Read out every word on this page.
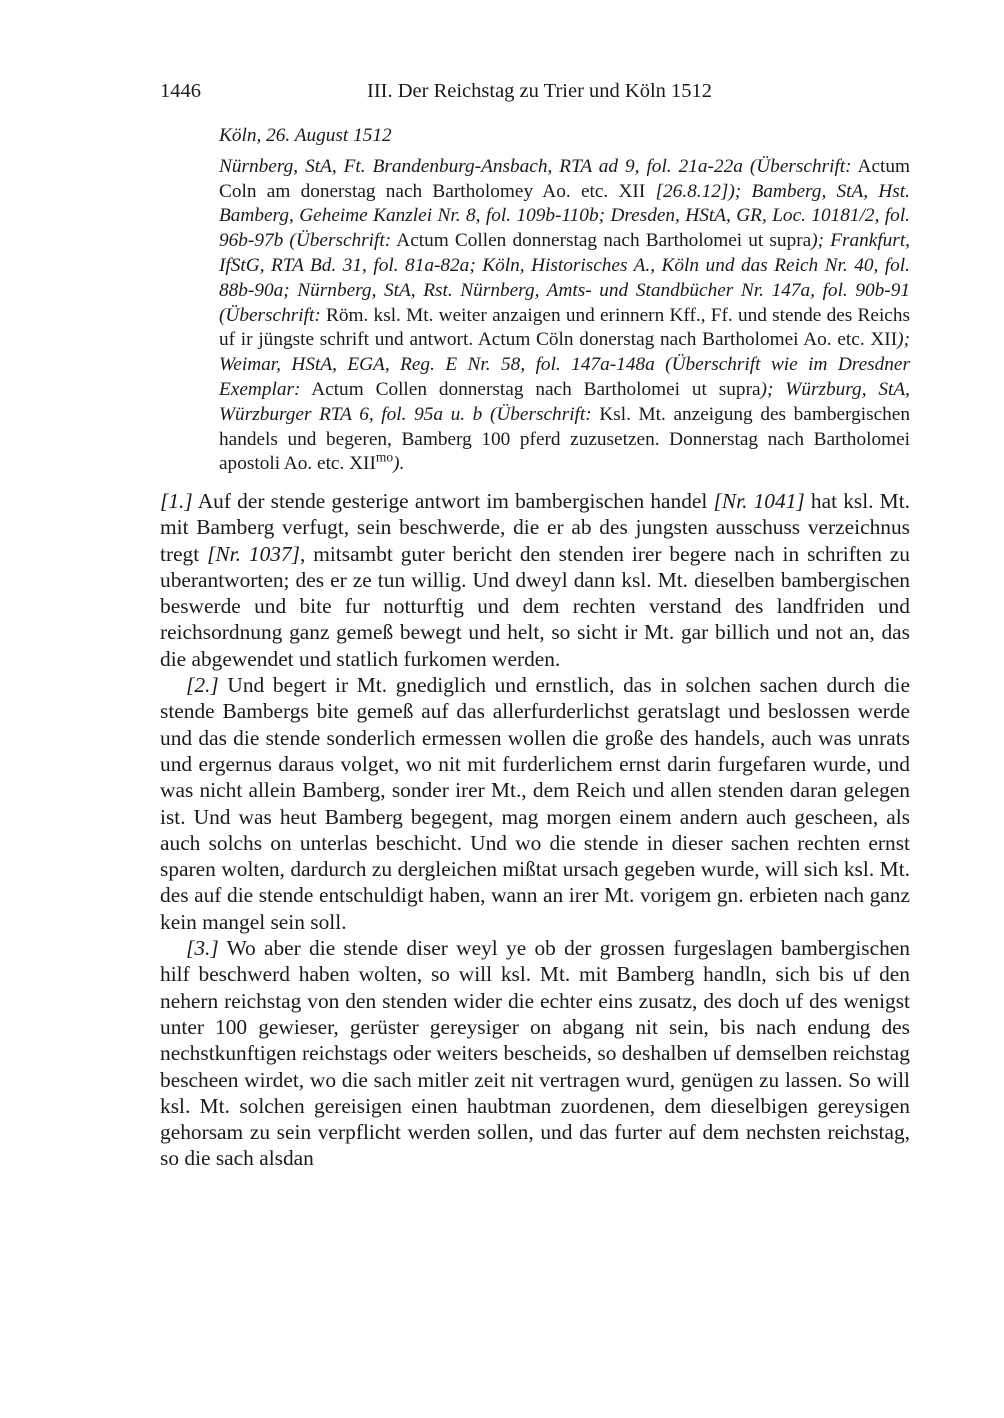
1446	III. Der Reichstag zu Trier und Köln 1512

Köln, 26. August 1512

Nürnberg, StA, Ft. Brandenburg-Ansbach, RTA ad 9, fol. 21a-22a (Überschrift: Actum Coln am donerstag nach Bartholomey Ao. etc. XII [26.8.12]); Bamberg, StA, Hst. Bamberg, Geheime Kanzlei Nr. 8, fol. 109b-110b; Dresden, HStA, GR, Loc. 10181/2, fol. 96b-97b (Überschrift: Actum Collen donnerstag nach Bartholomei ut supra); Frankfurt, IfStG, RTA Bd. 31, fol. 81a-82a; Köln, Historisches A., Köln und das Reich Nr. 40, fol. 88b-90a; Nürnberg, StA, Rst. Nürnberg, Amts- und Standbücher Nr. 147a, fol. 90b-91 (Überschrift: Röm. ksl. Mt. weiter anzaigen und erinnern Kff., Ff. und stende des Reichs uf ir jüngste schrift und antwort. Actum Cöln donerstag nach Bartholomei Ao. etc. XII); Weimar, HStA, EGA, Reg. E Nr. 58, fol. 147a-148a (Überschrift wie im Dresdner Exemplar: Actum Collen donnerstag nach Bartholomei ut supra); Würzburg, StA, Würzburger RTA 6, fol. 95a u. b (Überschrift: Ksl. Mt. anzeigung des bambergischen handels und begeren, Bamberg 100 pferd zuzusetzen. Donnerstag nach Bartholomei apostoli Ao. etc. $XII^{mo}$).

[1.] Auf der stende gesterige antwort im bambergischen handel [Nr. 1041] hat ksl. Mt. mit Bamberg verfugt, sein beschwerde, die er ab des jungsten ausschuss verzeichnus tregt [Nr. 1037], mitsambt guter bericht den stenden irer begere nach in schriften zu uberantworten; des er ze tun willig. Und dweyl dann ksl. Mt. dieselben bambergischen beswerde und bite fur notturftig und dem rechten verstand des landfriden und reichsordnung ganz gemeß bewegt und helt, so sicht ir Mt. gar billich und not an, das die abgewendet und statlich furkomen werden.

[2.] Und begert ir Mt. gnediglich und ernstlich, das in solchen sachen durch die stende Bambergs bite gemeß auf das allerfurderlichst geratslagt und beslossen werde und das die stende sonderlich ermessen wollen die große des handels, auch was unrats und ergernus daraus volget, wo nit mit furderlichem ernst darin furgefaren wurde, und was nicht allein Bamberg, sonder irer Mt., dem Reich und allen stenden daran gelegen ist. Und was heut Bamberg begegent, mag morgen einem andern auch gescheen, als auch solchs on unterlas beschicht. Und wo die stende in dieser sachen rechten ernst sparen wolten, dardurch zu dergleichen mißtat ursach gegeben wurde, will sich ksl. Mt. des auf die stende entschuldigt haben, wann an irer Mt. vorigem gn. erbieten nach ganz kein mangel sein soll.

[3.] Wo aber die stende diser weyl ye ob der grossen furgeslagen bambergischen hilf beschwerd haben wolten, so will ksl. Mt. mit Bamberg handln, sich bis uf den nehern reichstag von den stenden wider die echter eins zusatz, des doch uf des wenigst unter 100 gewieser, gerüster gereysiger on abgang nit sein, bis nach endung des nechstkunftigen reichstags oder weiters bescheids, so deshalben uf demselben reichstag bescheen wirdet, wo die sach mitler zeit nit vertragen wurd, genügen zu lassen. So will ksl. Mt. solchen gereisigen einen haubtman zuordenen, dem dieselbigen gereysigen gehorsam zu sein verpflicht werden sollen, und das furter auf dem nechsten reichstag, so die sach alsdan
